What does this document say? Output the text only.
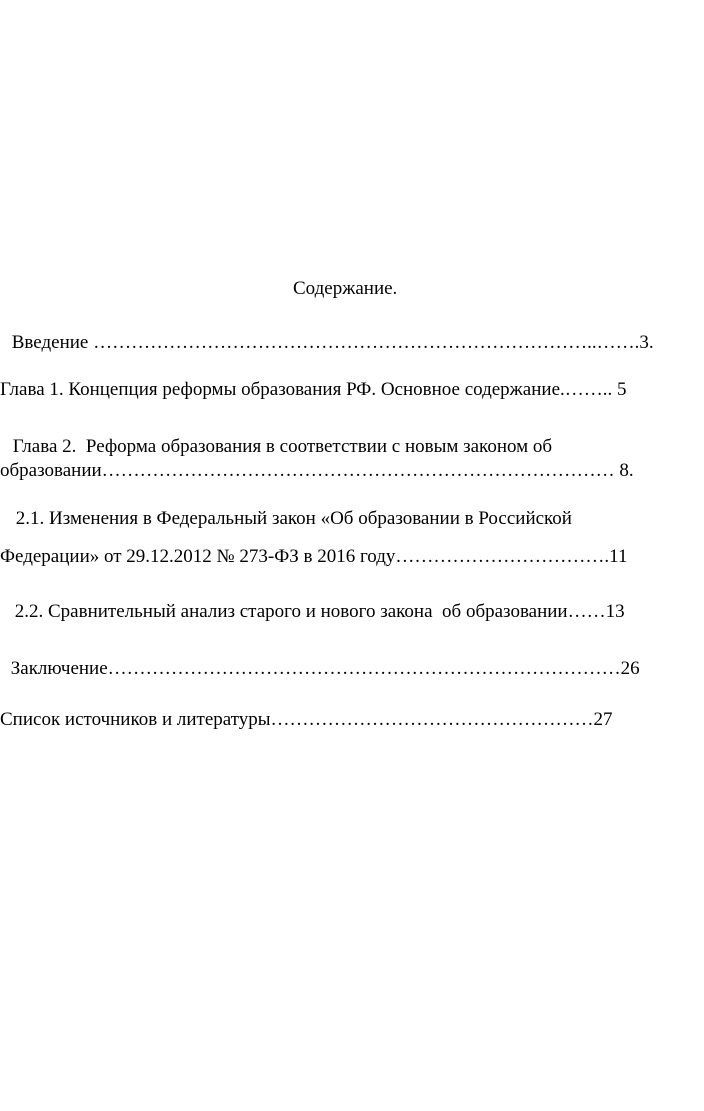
Содержание.
Введение ……………………………………………………………………..…….3.
Глава 1. Концепция реформы образования РФ. Основное содержание.…….. 5
Глава 2.  Реформа образования в соответствии с новым законом об
образовании……………………………………………………………………… 8.
2.1. Изменения в Федеральный закон «Об образовании в Российской
Федерации» от 29.12.2012 № 273-ФЗ в 2016 году…………………………….11
2.2. Сравнительный анализ старого и нового закона  об образовании……13
Заключение………………………………………………………………………26
Список источников и литературы……………………………………………27
